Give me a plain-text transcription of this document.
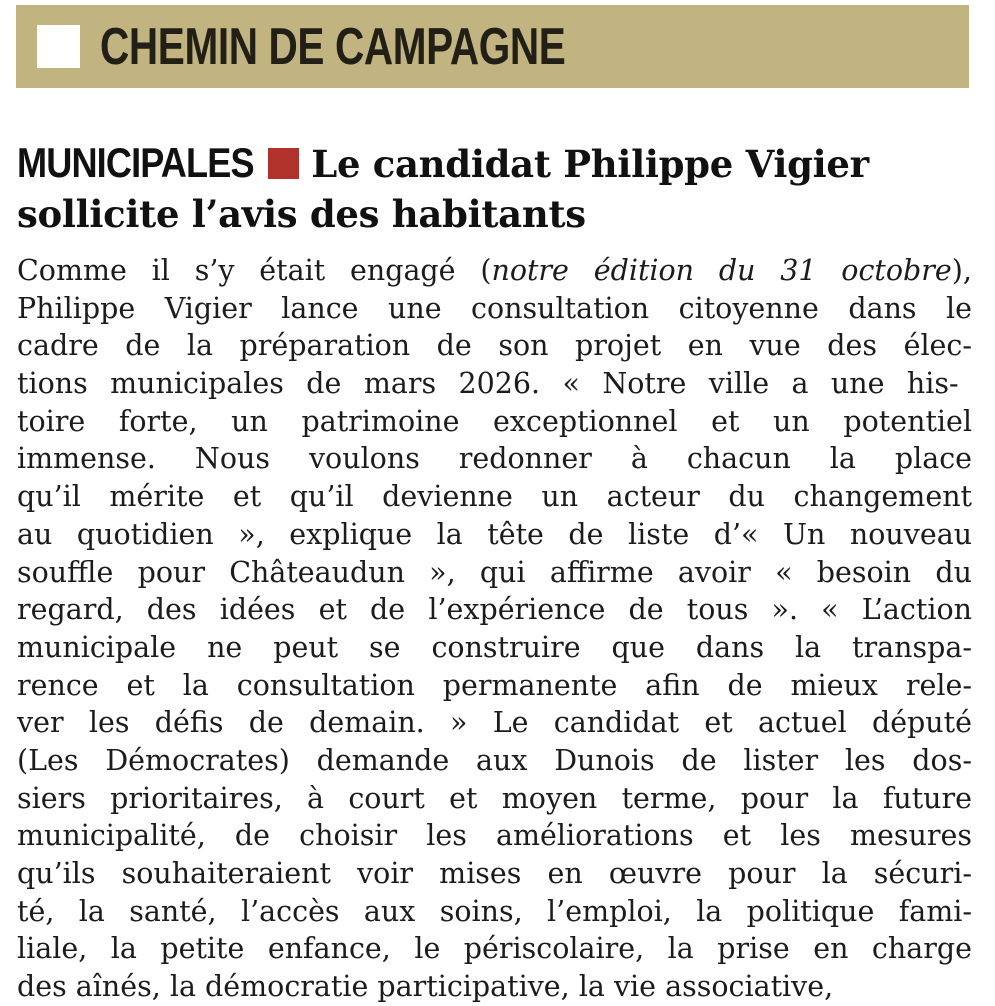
CHEMIN DE CAMPAGNE
MUNICIPALES Le candidat Philippe Vigier
sollicite l’avis des habitants
Comme il s’y était engagé (notre édition du 31 octobre),
Philippe Vigier lance une consultation citoyenne dans le
cadre de la préparation de son projet en vue des élec-
tions municipales de mars 2026. « Notre ville a une his-
toire forte, un patrimoine exceptionnel et un potentiel
immense. Nous voulons redonner à chacun la place
qu’il mérite et qu’il devienne un acteur du changement
au quotidien », explique la tête de liste d’« Un nouveau
souffle pour Châteaudun », qui affirme avoir « besoin du
regard, des idées et de l’expérience de tous ». « L’action
municipale ne peut se construire que dans la transpa-
rence et la consultation permanente afin de mieux rele-
ver les défis de demain. » Le candidat et actuel député
(Les Démocrates) demande aux Dunois de lister les dos-
siers prioritaires, à court et moyen terme, pour la future
municipalité, de choisir les améliorations et les mesures
qu’ils souhaiteraient voir mises en œuvre pour la sécuri-
té, la santé, l’accès aux soins, l’emploi, la politique fami-
liale, la petite enfance, le périscolaire, la prise en charge
des aînés, la démocratie participative, la vie associative,
